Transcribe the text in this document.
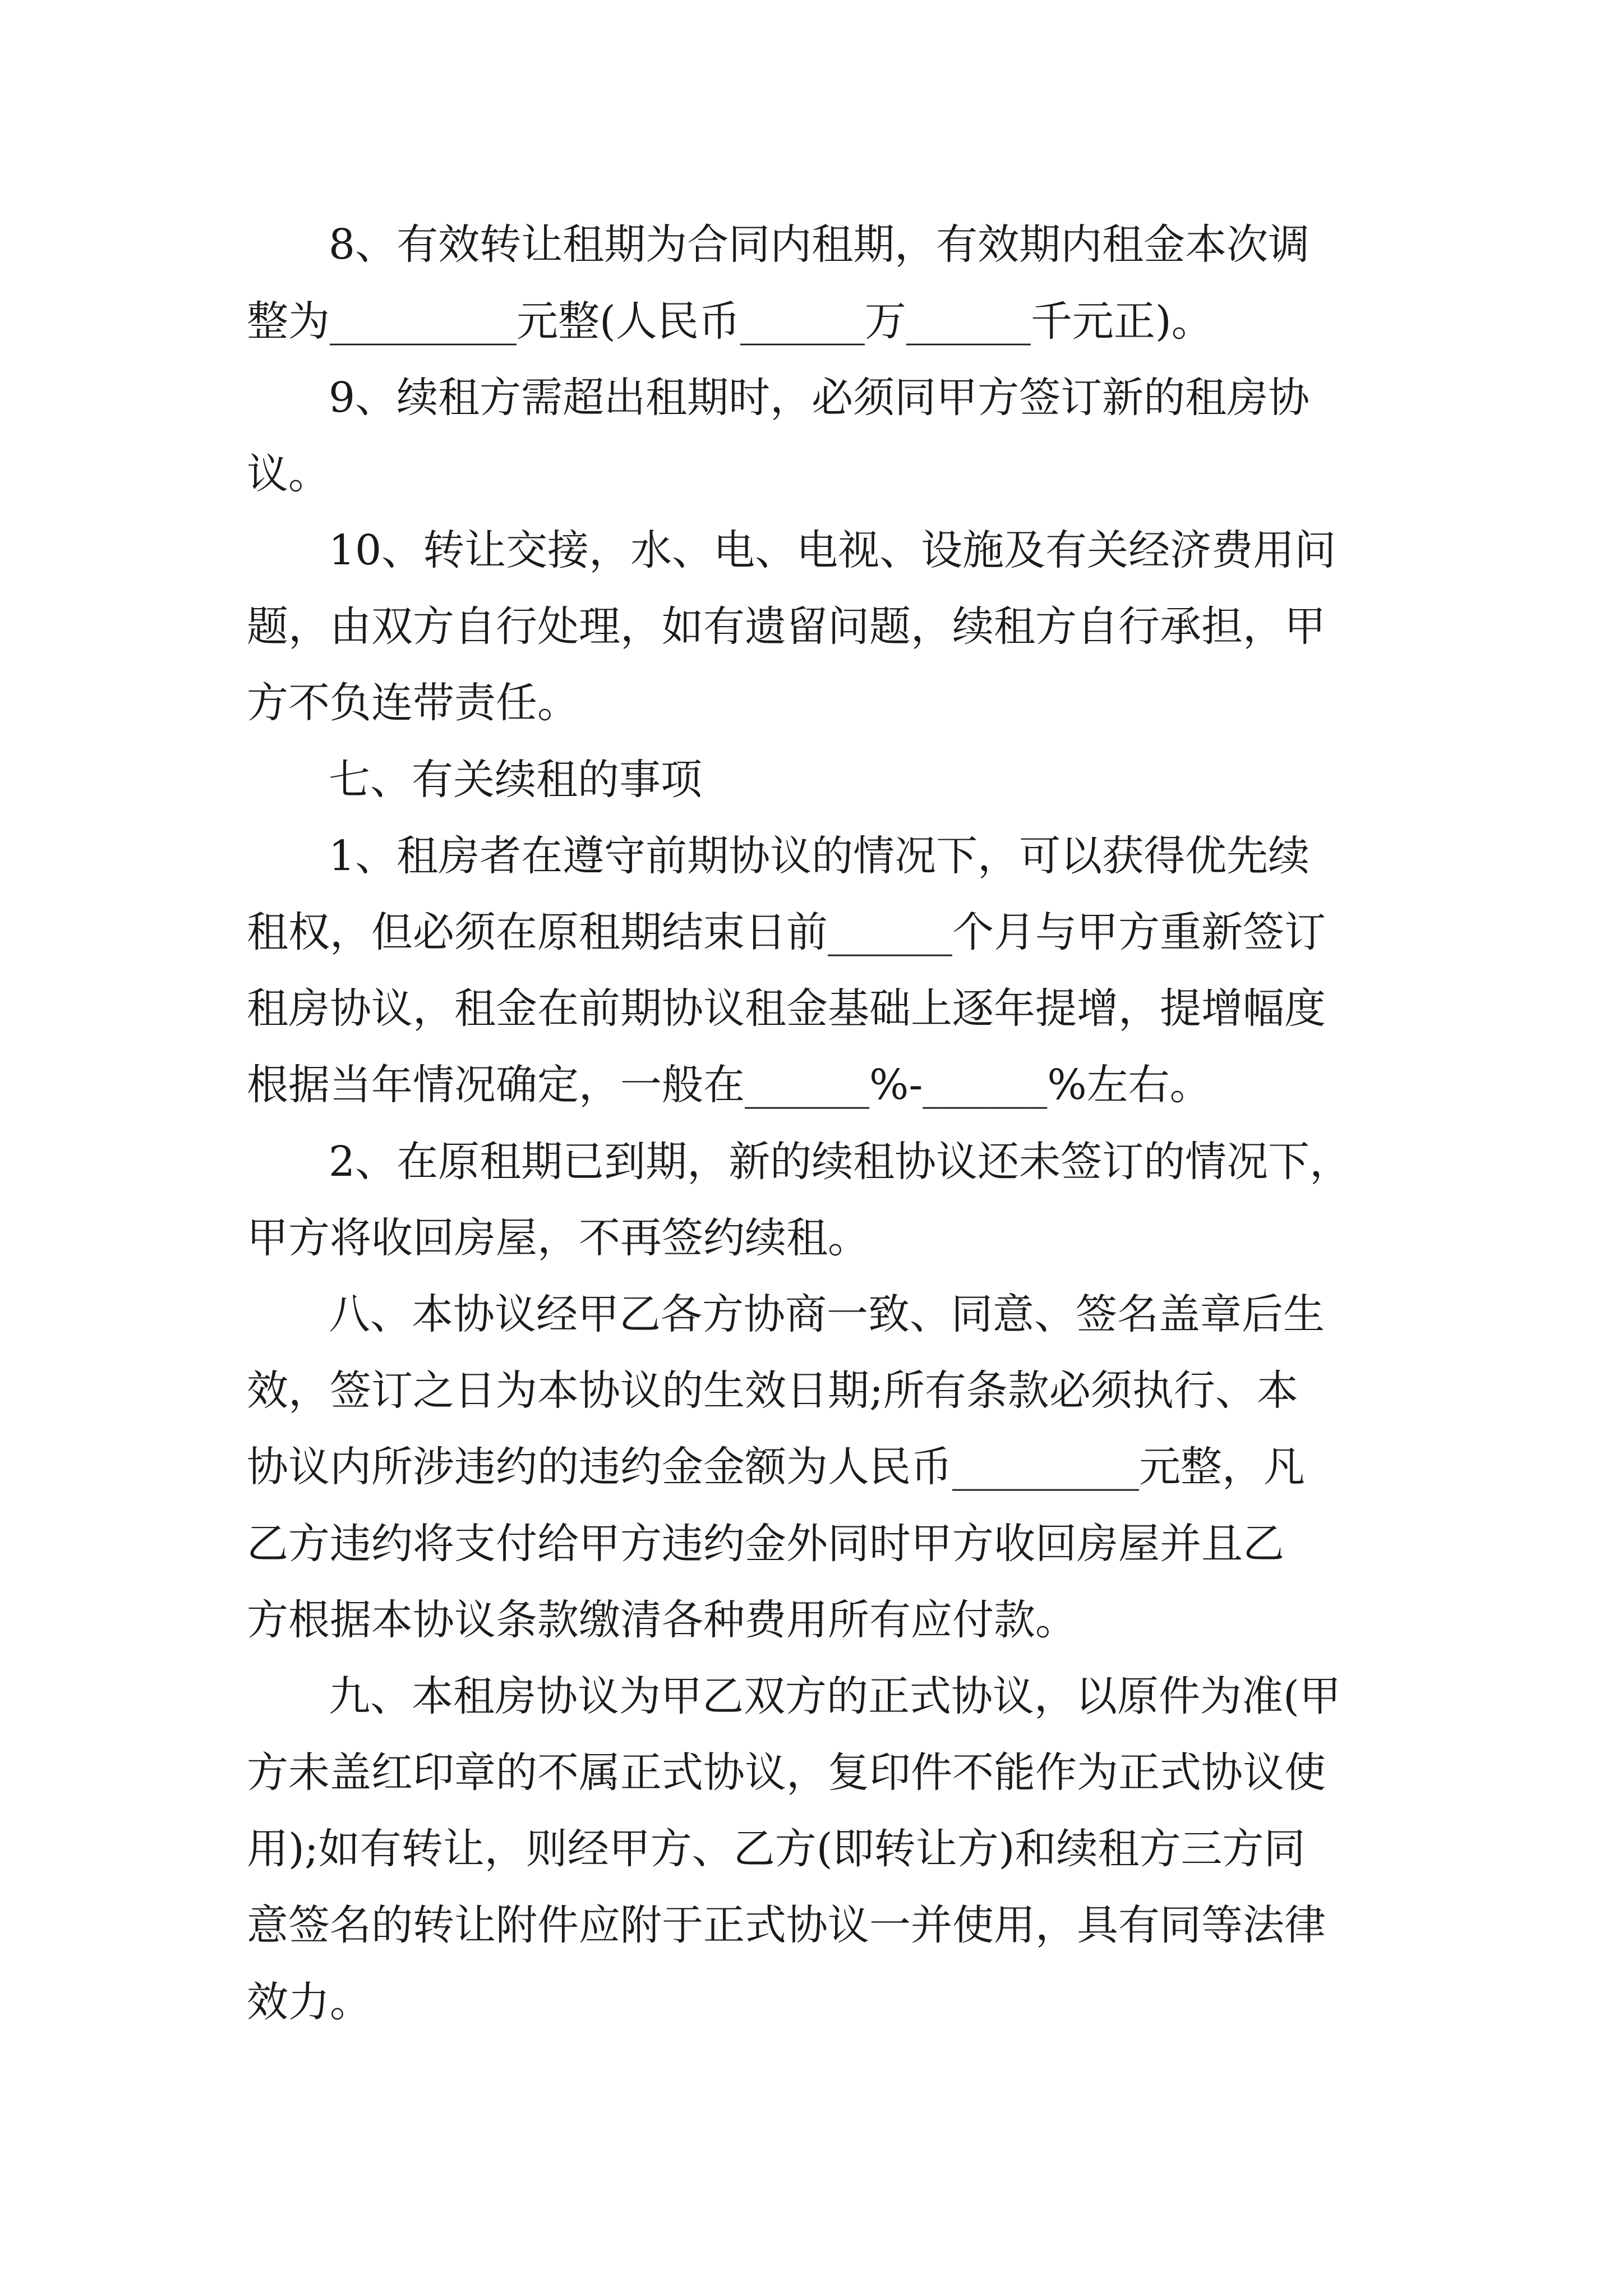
8、有效转让租期为合同内租期，有效期内租金本次调
整为_________元整(人民币______万______千元正)。
9、续租方需超出租期时，必须同甲方签订新的租房协
议。
10、转让交接，水、电、电视、设施及有关经济费用问
题，由双方自行处理，如有遗留问题，续租方自行承担，甲
方不负连带责任。
七、有关续租的事项
1、租房者在遵守前期协议的情况下，可以获得优先续
租权，但必须在原租期结束日前______个月与甲方重新签订
租房协议，租金在前期协议租金基础上逐年提增，提增幅度
根据当年情况确定，一般在______%-______%左右。
2、在原租期已到期，新的续租协议还未签订的情况下，
甲方将收回房屋，不再签约续租。
八、本协议经甲乙各方协商一致、同意、签名盖章后生
效，签订之日为本协议的生效日期;所有条款必须执行、本
协议内所涉违约的违约金金额为人民币_________元整，凡
乙方违约将支付给甲方违约金外同时甲方收回房屋并且乙
方根据本协议条款缴清各种费用所有应付款。
九、本租房协议为甲乙双方的正式协议，以原件为准(甲
方未盖红印章的不属正式协议，复印件不能作为正式协议使
用);如有转让，则经甲方、乙方(即转让方)和续租方三方同
意签名的转让附件应附于正式协议一并使用，具有同等法律
效力。
